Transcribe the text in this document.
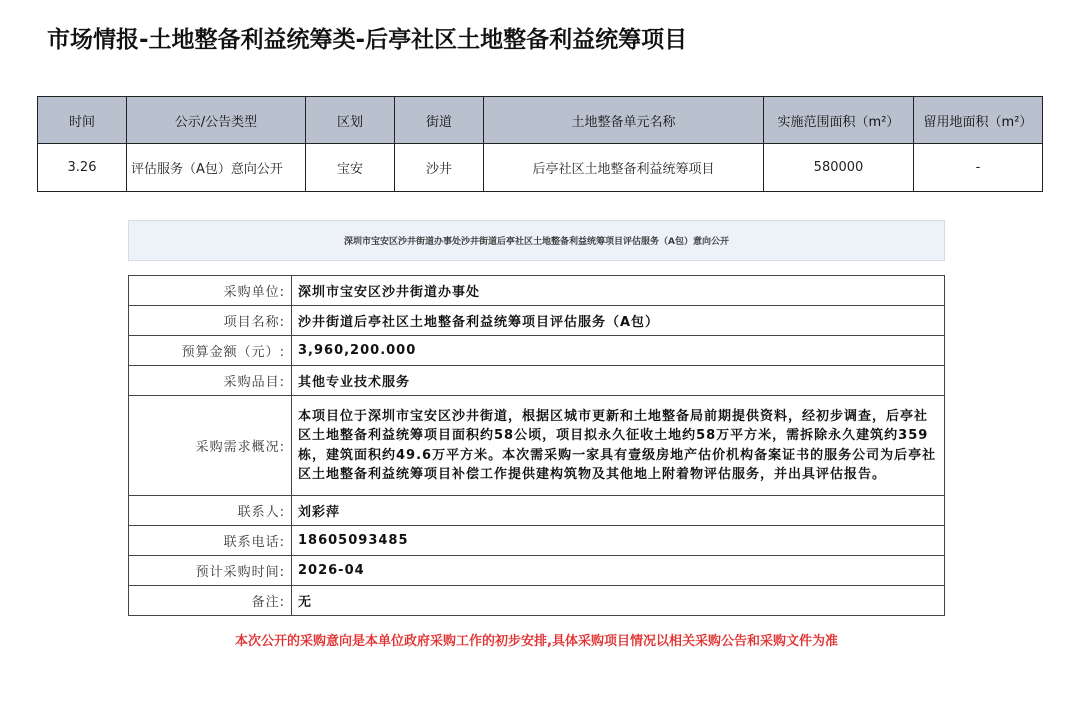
市场情报-土地整备利益统筹类-后亭社区土地整备利益统筹项目
时间	公示/公告类型	区划	街道	土地整备单元名称	实施范围面积（m²）	留用地面积（m²）
3.26	评估服务（A包）意向公开	宝安	沙井	后亭社区土地整备利益统筹项目	580000	-
深圳市宝安区沙井街道办事处沙井街道后亭社区土地整备利益统筹项目评估服务（A包）意向公开
采购单位:	深圳市宝安区沙井街道办事处
项目名称:	沙井街道后亭社区土地整备利益统筹项目评估服务（A包）
预算金额（元）:	3,960,200.000
采购品目:	其他专业技术服务
采购需求概况:	本项目位于深圳市宝安区沙井街道，根据区城市更新和土地整备局前期提供资料，经初步调查，后亭社区土地整备利益统筹项目面积约58公顷，项目拟永久征收土地约58万平方米，需拆除永久建筑约359栋，建筑面积约49.6万平方米。本次需采购一家具有壹级房地产估价机构备案证书的服务公司为后亭社区土地整备利益统筹项目补偿工作提供建构筑物及其他地上附着物评估服务，并出具评估报告。
联系人:	刘彩萍
联系电话:	18605093485
预计采购时间:	2026-04
备注:	无
本次公开的采购意向是本单位政府采购工作的初步安排,具体采购项目情况以相关采购公告和采购文件为准
